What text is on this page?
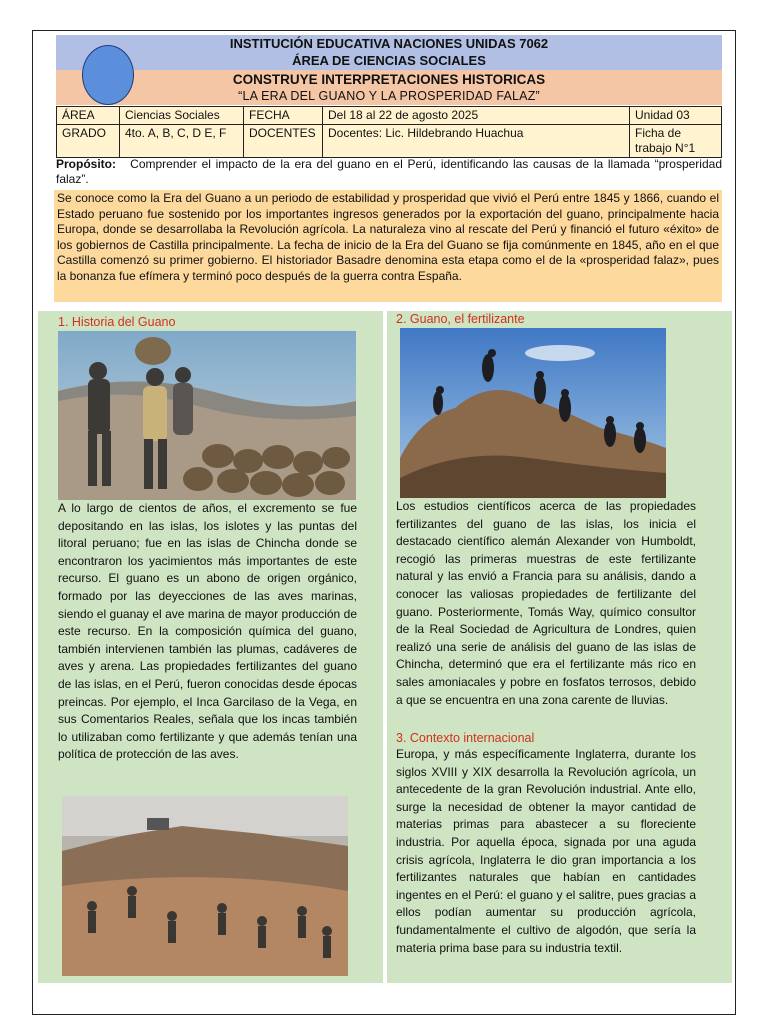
INSTITUCIÓN EDUCATIVA NACIONES UNIDAS 7062
ÁREA DE CIENCIAS SOCIALES
CONSTRUYE INTERPRETACIONES HISTORICAS
“LA ERA DEL GUANO Y LA PROSPERIDAD FALAZ”
ÁREA	Ciencias Sociales	FECHA	Del 18 al 22 de agosto 2025	Unidad 03
GRADO	4to. A, B, C, D E, F	DOCENTES	Docentes: Lic. Hildebrando Huachua	Ficha de trabajo N°1
Propósito: Comprender el impacto de la era del guano en el Perú, identificando las causas de la llamada “prosperidad falaz”.
Se conoce como la Era del Guano a un periodo de estabilidad y prosperidad que vivió el Perú entre 1845 y 1866, cuando el Estado peruano fue sostenido por los importantes ingresos generados por la exportación del guano, principalmente hacia Europa, donde se desarrollaba la Revolución agrícola. La naturaleza vino al rescate del Perú y financió el futuro «éxito» de los gobiernos de Castilla principalmente. La fecha de inicio de la Era del Guano se fija comúnmente en 1845, año en el que Castilla comenzó su primer gobierno. El historiador Basadre denomina esta etapa como el de la «prosperidad falaz», pues la bonanza fue efímera y terminó poco después de la guerra contra España.
1. Historia del Guano
A lo largo de cientos de años, el excremento se fue depositando en las islas, los islotes y las puntas del litoral peruano; fue en las islas de Chincha donde se encontraron los yacimientos más importantes de este recurso. El guano es un abono de origen orgánico, formado por las deyecciones de las aves marinas, siendo el guanay el ave marina de mayor producción de este recurso. En la composición química del guano, también intervienen también las plumas, cadáveres de aves y arena. Las propiedades fertilizantes del guano de las islas, en el Perú, fueron conocidas desde épocas preincas. Por ejemplo, el Inca Garcilaso de la Vega, en sus Comentarios Reales, señala que los incas también lo utilizaban como fertilizante y que además tenían una política de protección de las aves.
2. Guano, el fertilizante
Los estudios científicos acerca de las propiedades fertilizantes del guano de las islas, los inicia el destacado científico alemán Alexander von Humboldt, recogió las primeras muestras de este fertilizante natural y las envió a Francia para su análisis, dando a conocer las valiosas propiedades de fertilizante del guano. Posteriormente, Tomás Way, químico consultor de la Real Sociedad de Agricultura de Londres, quien realizó una serie de análisis del guano de las islas de Chincha, determinó que era el fertilizante más rico en sales amoniacales y pobre en fosfatos terrosos, debido a que se encuentra en una zona carente de lluvias.
3. Contexto internacional
Europa, y más específicamente Inglaterra, durante los siglos XVIII y XIX desarrolla la Revolución agrícola, un antecedente de la gran Revolución industrial. Ante ello, surge la necesidad de obtener la mayor cantidad de materias primas para abastecer a su floreciente industria. Por aquella época, signada por una aguda crisis agrícola, Inglaterra le dio gran importancia a los fertilizantes naturales que habían en cantidades ingentes en el Perú: el guano y el salitre, pues gracias a ellos podían aumentar su producción agrícola, fundamentalmente el cultivo de algodón, que sería la materia prima base para su industria textil.
